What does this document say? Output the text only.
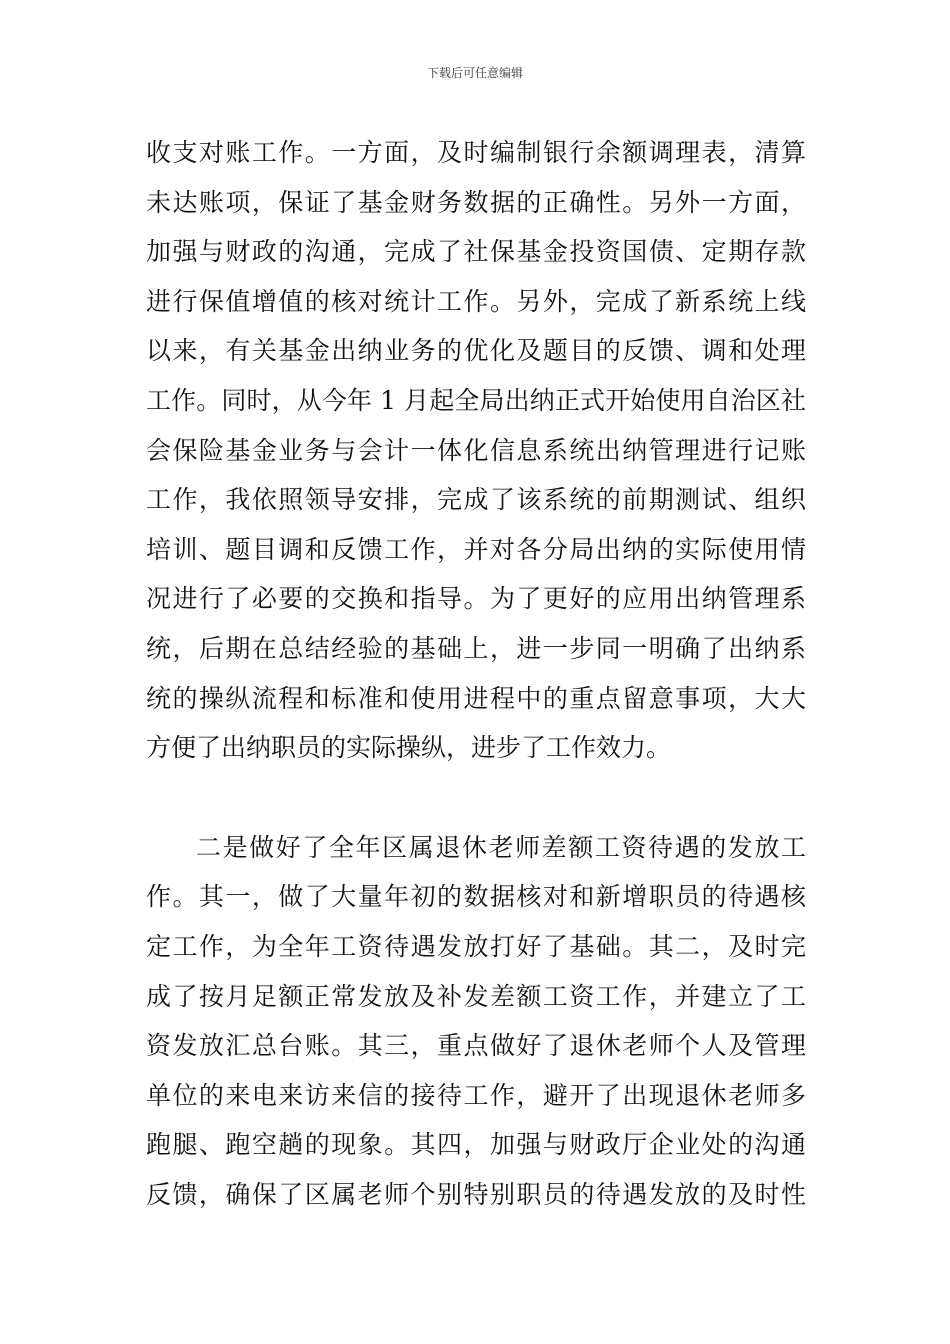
下载后可任意编辑
收支对账工作。一方面，及时编制银行余额调理表，清算
未达账项，保证了基金财务数据的正确性。另外一方面，
加强与财政的沟通，完成了社保基金投资国债、定期存款
进行保值增值的核对统计工作。另外，完成了新系统上线
以来，有关基金出纳业务的优化及题目的反馈、调和处理
工作。同时，从今年 1 月起全局出纳正式开始使用自治区社
会保险基金业务与会计一体化信息系统出纳管理进行记账
工作，我依照领导安排，完成了该系统的前期测试、组织
培训、题目调和反馈工作，并对各分局出纳的实际使用情
况进行了必要的交换和指导。为了更好的应用出纳管理系
统，后期在总结经验的基础上，进一步同一明确了出纳系
统的操纵流程和标准和使用进程中的重点留意事项，大大
方便了出纳职员的实际操纵，进步了工作效力。
二是做好了全年区属退休老师差额工资待遇的发放工
作。其一，做了大量年初的数据核对和新增职员的待遇核
定工作，为全年工资待遇发放打好了基础。其二，及时完
成了按月足额正常发放及补发差额工资工作，并建立了工
资发放汇总台账。其三，重点做好了退休老师个人及管理
单位的来电来访来信的接待工作，避开了出现退休老师多
跑腿、跑空趟的现象。其四，加强与财政厅企业处的沟通
反馈，确保了区属老师个别特别职员的待遇发放的及时性
